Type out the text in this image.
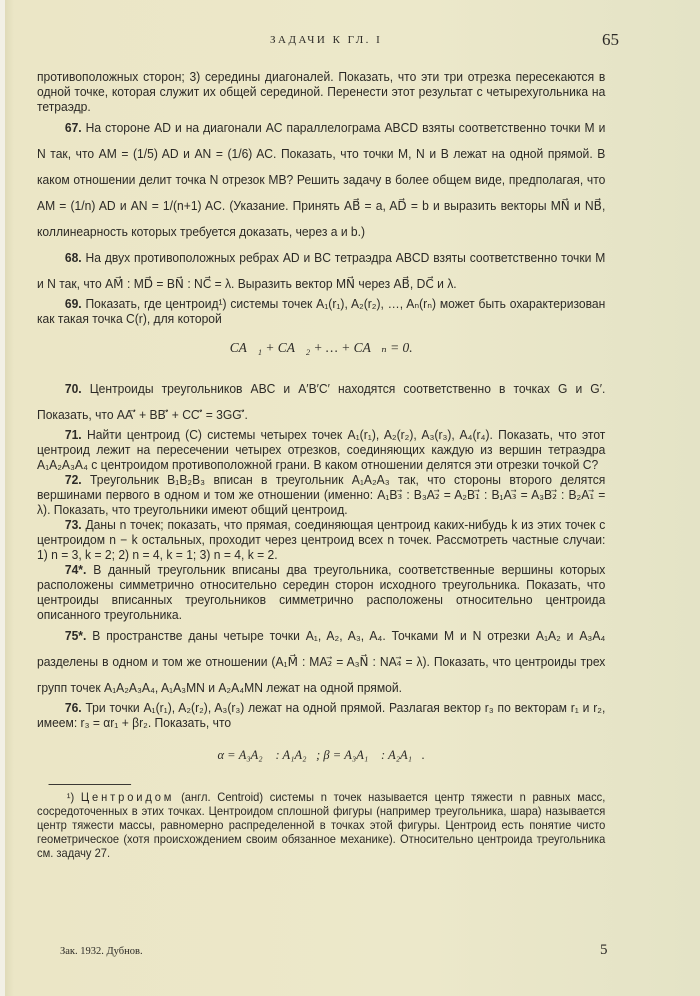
ЗАДАЧИ К ГЛ. I	65

противоположных сторон; 3) середины диагоналей. Показать, что эти три отрезка пересекаются в одной точке, которая служит их общей серединой. Перенести этот результат с четырехугольника на тетраэдр.

67. На стороне AD и на диагонали AC параллелограма ABCD взяты соответственно точки M и N так, что AM = (1/5) AD и AN = (1/6) AC. Показать, что точки M, N и B лежат на одной прямой. В каком отношении делит точка N отрезок MB? Решить задачу в более общем виде, предполагая, что AM = (1/n) AD и AN = 1/(n+1) AC. (Указание. Принять AB⃗ = a, AD⃗ = b и выразить векторы MN⃗ и NB⃗, коллинеарность которых требуется доказать, через a и b.)

68. На двух противоположных ребрах AD и BC тетраэдра ABCD взяты соответственно точки M и N так, что AM⃗ : MD⃗ = BN⃗ : NC⃗ = λ. Выразить вектор MN⃗ через AB⃗, DC⃗ и λ.

69. Показать, где центроид¹) системы точек A₁(r₁), A₂(r₂), …, Aₙ(rₙ) может быть охарактеризован как такая точка C(r), для которой

CA⃗₁ + CA⃗₂ + … + CA⃗ₙ = 0.

70. Центроиды треугольников ABC и A′B′C′ находятся соответственно в точках G и G′. Показать, что AA′⃗ + BB′⃗ + CC′⃗ = 3GG′⃗.

71. Найти центроид (C) системы четырех точек A₁(r₁), A₂(r₂), A₃(r₃), A₄(r₄). Показать, что этот центроид лежит на пересечении четырех отрезков, соединяющих каждую из вершин тетраэдра A₁A₂A₃A₄ с центроидом противоположной грани. В каком отношении делятся эти отрезки точкой C?

72. Треугольник B₁B₂B₃ вписан в треугольник A₁A₂A₃ так, что стороны второго делятся вершинами первого в одном и том же отношении (именно: A₁B₃⃗ : B₃A₂⃗ = A₂B₁⃗ : B₁A₃⃗ = A₃B₂⃗ : B₂A₁⃗ = λ). Показать, что треугольники имеют общий центроид.

73. Даны n точек; показать, что прямая, соединяющая центроид каких-нибудь k из этих точек с центроидом n − k остальных, проходит через центроид всех n точек. Рассмотреть частные случаи: 1) n = 3, k = 2; 2) n = 4, k = 1; 3) n = 4, k = 2.

74*. В данный треугольник вписаны два треугольника, соответственные вершины которых расположены симметрично относительно середин сторон исходного треугольника. Показать, что центроиды вписанных треугольников симметрично расположены относительно центроида описанного треугольника.

75*. В пространстве даны четыре точки A₁, A₂, A₃, A₄. Точками M и N отрезки A₁A₂ и A₃A₄ разделены в одном и том же отношении (A₁M⃗ : MA₂⃗ = A₃N⃗ : NA₄⃗ = λ). Показать, что центроиды трех групп точек A₁A₂A₃A₄, A₁A₃MN и A₂A₄MN лежат на одной прямой.

76. Три точки A₁(r₁), A₂(r₂), A₃(r₃) лежат на одной прямой. Разлагая вектор r₃ по векторам r₁ и r₂, имеем: r₃ = αr₁ + βr₂. Показать, что

α = A₃A₂⃗ : A₁A₂⃗; β = A₃A₁⃗ : A₂A₁⃗.

¹) Центроидом (англ. Centroid) системы n точек называется центр тяжести n равных масс, сосредоточенных в этих точках. Центроидом сплошной фигуры (например треугольника, шара) называется центр тяжести массы, равномерно распределенной в точках этой фигуры. Центроид есть понятие чисто геометрическое (хотя происхождением своим обязанное механике). Относительно центроида треугольника см. задачу 27.

Зак. 1932. Дубнов.	5
